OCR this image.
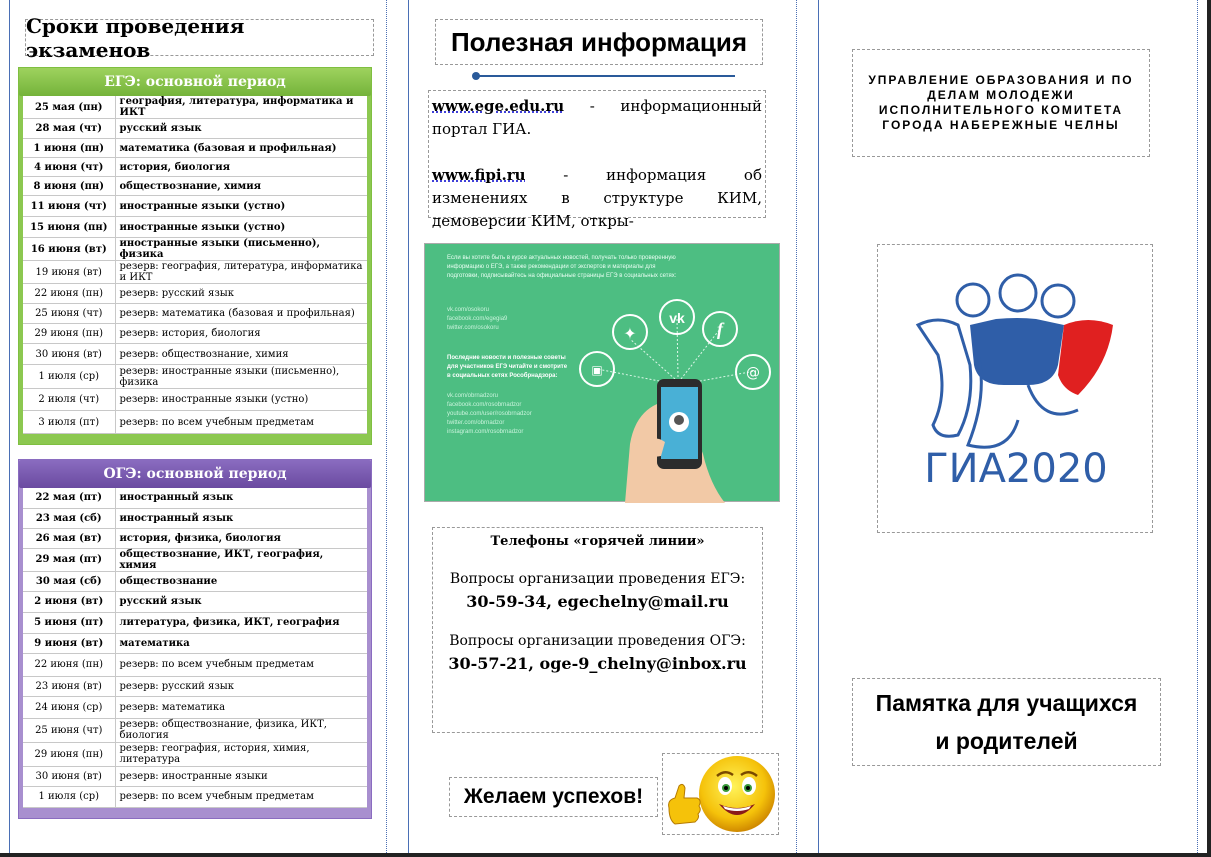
Сроки проведения экзаменов
ЕГЭ: основной период
25 мая (пн)	география, литература, информатика и ИКТ
28 мая (чт)	русский язык
1 июня (пн)	математика (базовая и профильная)
4 июня (чт)	история, биология
8 июня (пн)	обществознание, химия
11 июня (чт)	иностранные языки (устно)
15 июня (пн)	иностранные языки (устно)
16 июня (вт)	иностранные языки (письменно), физика
19 июня (вт)	резерв: география, литература, информатика и ИКТ
22 июня (пн)	резерв: русский язык
25 июня (чт)	резерв: математика (базовая и профильная)
29 июня (пн)	резерв: история, биология
30 июня (вт)	резерв: обществознание, химия
1 июля (ср)	резерв: иностранные языки (письменно), физика
2 июля (чт)	резерв: иностранные языки (устно)
3 июля (пт)	резерв: по всем учебным предметам
ОГЭ: основной период
22 мая (пт)	иностранный язык
23 мая (сб)	иностранный язык
26 мая (вт)	история, физика, биология
29 мая (пт)	обществознание, ИКТ, география, химия
30 мая (сб)	обществознание
2 июня (вт)	русский язык
5 июня (пт)	литература, физика, ИКТ, география
9 июня (вт)	математика
22 июня (пн)	резерв: по всем учебным предметам
23 июня (вт)	резерв: русский язык
24 июня (ср)	резерв: математика
25 июня (чт)	резерв: обществознание, физика, ИКТ, биология
29 июня (пн)	резерв: география, история, химия, литература
30 июня (вт)	резерв: иностранные языки
1 июля (ср)	резерв: по всем учебным предметам
Полезная информация
www.ege.edu.ru - информационный портал ГИА.

www.fipi.ru - информация об изменениях в структуре КИМ, демоверсии КИМ, откры-

Если вы хотите быть в курсе актуальных новостей, получать только проверенную информацию о ЕГЭ, а также рекомендации от экспертов и материалы для подготовки, подписывайтесь на официальные страницы ЕГЭ в социальных сетях:

vk.com/osokoru
facebook.com/egegia9
twitter.com/osokoru

Последние новости и полезные советы для участников ЕГЭ читайте и смотрите в социальных сетях Рособрнадзора:

vk.com/obrnadzoru
facebook.com/rosobrnadzor
youtube.com/user/rosobrnadzor
twitter.com/obrnadzor
instagram.com/rosobrnadzor

✦
vk
f
@
▣
Телефоны «горячей линии»
Вопросы организации проведения ЕГЭ:
30-59-34, egechelny@mail.ru
Вопросы организации проведения ОГЭ:
30-57-21, oge-9_chelny@inbox.ru
Желаем успехов!
УПРАВЛЕНИЕ ОБРАЗОВАНИЯ И ПО ДЕЛАМ МОЛОДЕЖИ ИСПОЛНИТЕЛЬНОГО КОМИТЕТА ГОРОДА НАБЕРЕЖНЫЕ ЧЕЛНЫ
ГИА2020
Памятка для учащихся
и родителей
